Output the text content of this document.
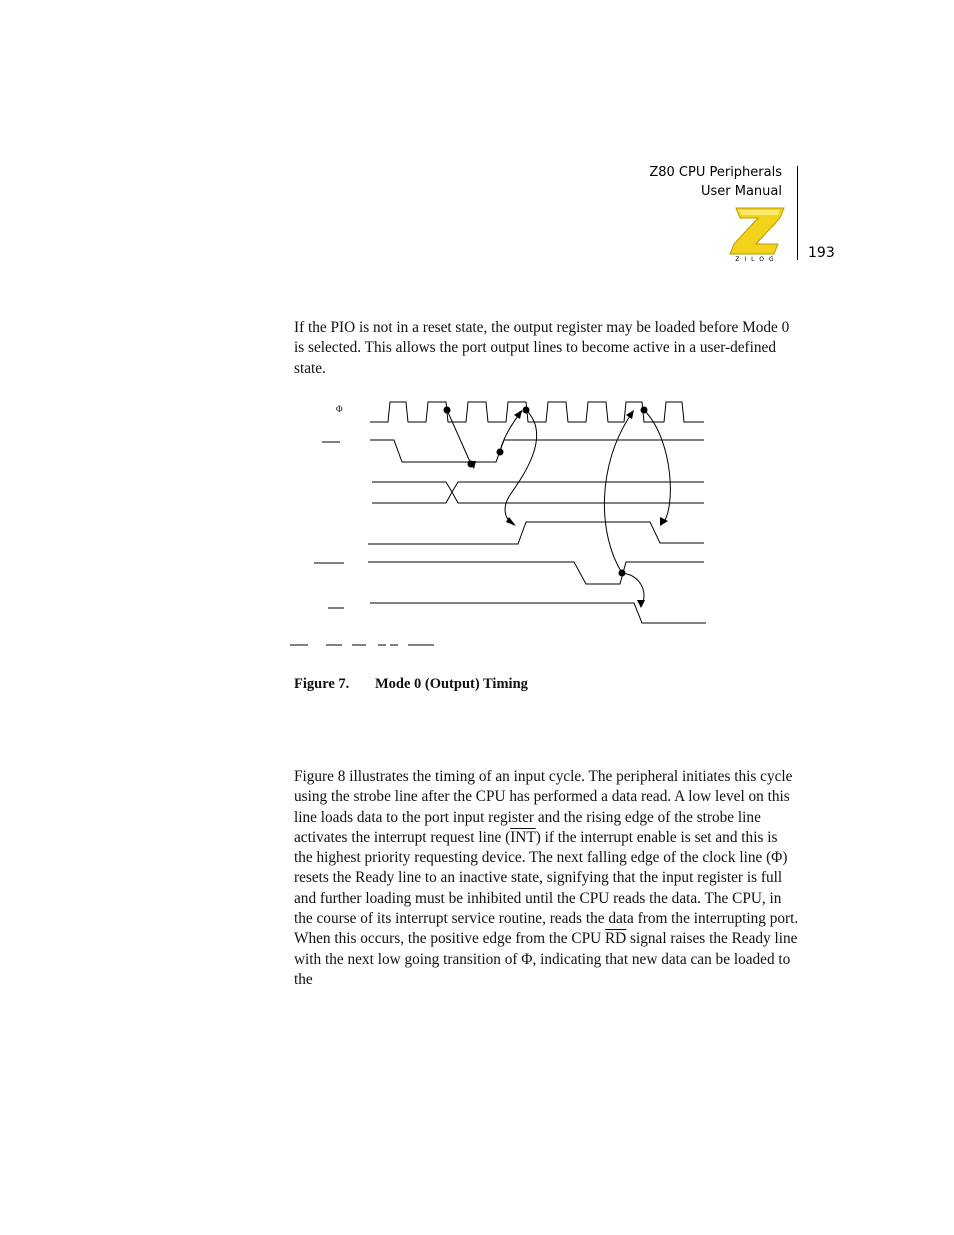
Z80 CPU Peripherals
User Manual
ZILOG 193

If the PIO is not in a reset state, the output register may be loaded before Mode 0 is selected. This allows the port output lines to become active in a user-defined state.

Φ
Figure 7. Mode 0 (Output) Timing

Figure 8 illustrates the timing of an input cycle. The peripheral initiates this cycle using the strobe line after the CPU has performed a data read. A low level on this line loads data to the port input register and the rising edge of the strobe line activates the interrupt request line $(\overline{INT})$ if the interrupt enable is set and this is the highest priority requesting device. The next falling edge of the clock line (Φ) resets the Ready line to an inactive state, signifying that the input register is full and further loading must be inhibited until the CPU reads the data. The CPU, in the course of its interrupt service routine, reads the data from the interrupting port. When this occurs, the positive edge from the CPU $\overline{RD}$ signal raises the Ready line with the next low going transition of Φ, indicating that new data can be loaded to the
